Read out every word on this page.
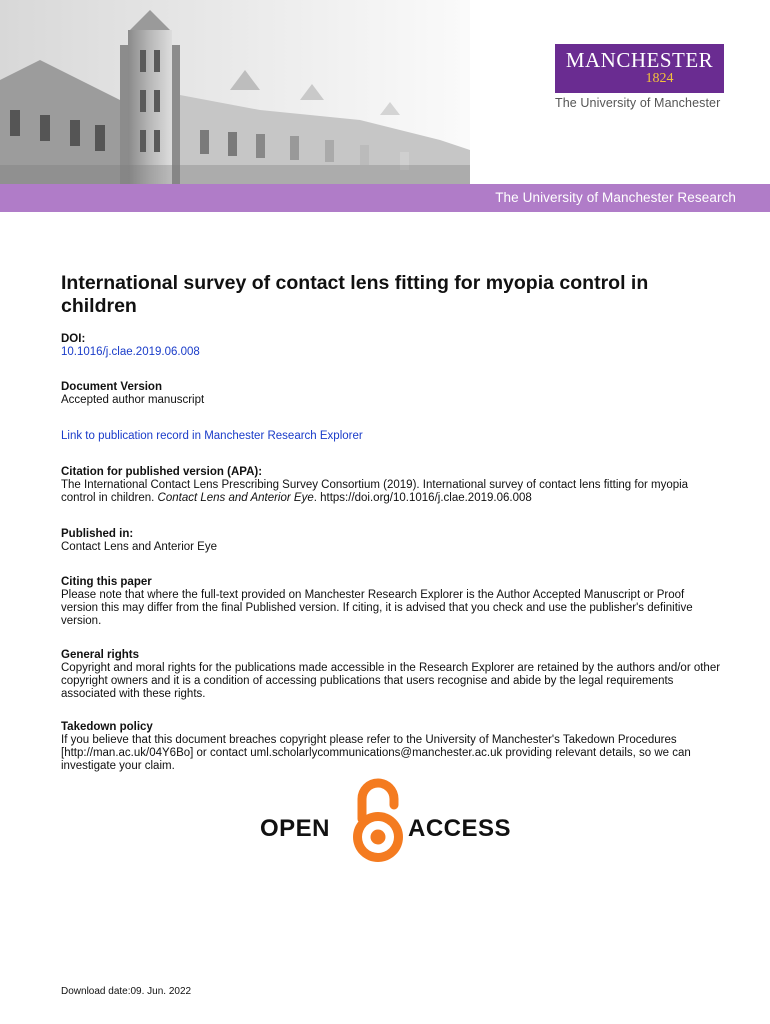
The University of Manchester Research
MANCHESTER
1824
The University of Manchester
International survey of contact lens fitting for myopia control in children
DOI:
10.1016/j.clae.2019.06.008
Document Version
Accepted author manuscript
Link to publication record in Manchester Research Explorer
Citation for published version (APA):
The International Contact Lens Prescribing Survey Consortium (2019). International survey of contact lens fitting for myopia control in children. Contact Lens and Anterior Eye. https://doi.org/10.1016/j.clae.2019.06.008
Published in:
Contact Lens and Anterior Eye
Citing this paper
Please note that where the full-text provided on Manchester Research Explorer is the Author Accepted Manuscript or Proof version this may differ from the final Published version. If citing, it is advised that you check and use the publisher's definitive version.
General rights
Copyright and moral rights for the publications made accessible in the Research Explorer are retained by the authors and/or other copyright owners and it is a condition of accessing publications that users recognise and abide by the legal requirements associated with these rights.
Takedown policy
If you believe that this document breaches copyright please refer to the University of Manchester's Takedown Procedures [http://man.ac.uk/04Y6Bo] or contact uml.scholarlycommunications@manchester.ac.uk providing relevant details, so we can investigate your claim.
OPEN	ACCESS
Download date:09. Jun. 2022
